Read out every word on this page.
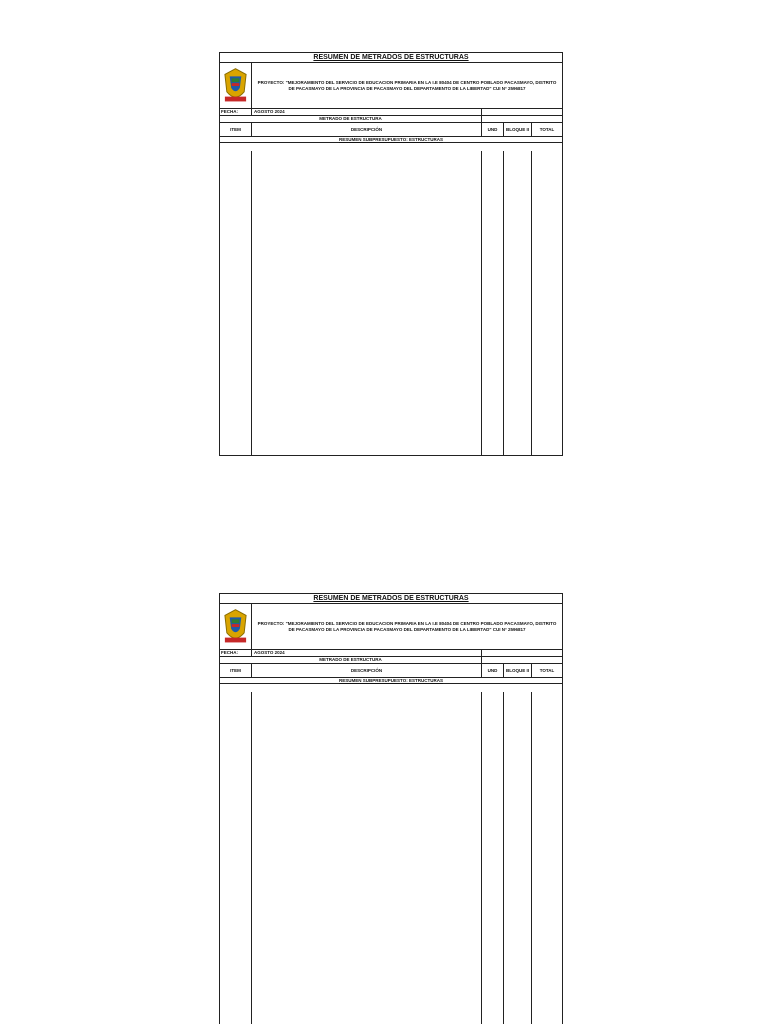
RESUMEN DE METRADOS DE ESTRUCTURAS
PROYECTO: "MEJORAMIENTO DEL SERVICIO DE EDUCACION PRIMARIA EN LA I.E 80404 DE CENTRO POBLADO PACASMAYO, DISTRITO DE PACASMAYO DE LA PROVINCIA DE PACASMAYO DEL DEPARTAMENTO DE LA LIBERTAD" CUI N° 2596817
FECHA:	AGOSTO 2024
METRADO DE ESTRUCTURA
ITEM	DESCRIPCIÓN	UND	BLOQUE II	TOTAL
RESUMEN SUBPRESUPUESTO: ESTRUCTURAS
RESUMEN DE METRADOS DE ESTRUCTURAS
PROYECTO: "MEJORAMIENTO DEL SERVICIO DE EDUCACION PRIMARIA EN LA I.E 80404 DE CENTRO POBLADO PACASMAYO, DISTRITO DE PACASMAYO DE LA PROVINCIA DE PACASMAYO DEL DEPARTAMENTO DE LA LIBERTAD" CUI N° 2596817
FECHA:	AGOSTO 2024
METRADO DE ESTRUCTURA
ITEM	DESCRIPCIÓN	UND	BLOQUE II	TOTAL
RESUMEN SUBPRESUPUESTO: ESTRUCTURAS
